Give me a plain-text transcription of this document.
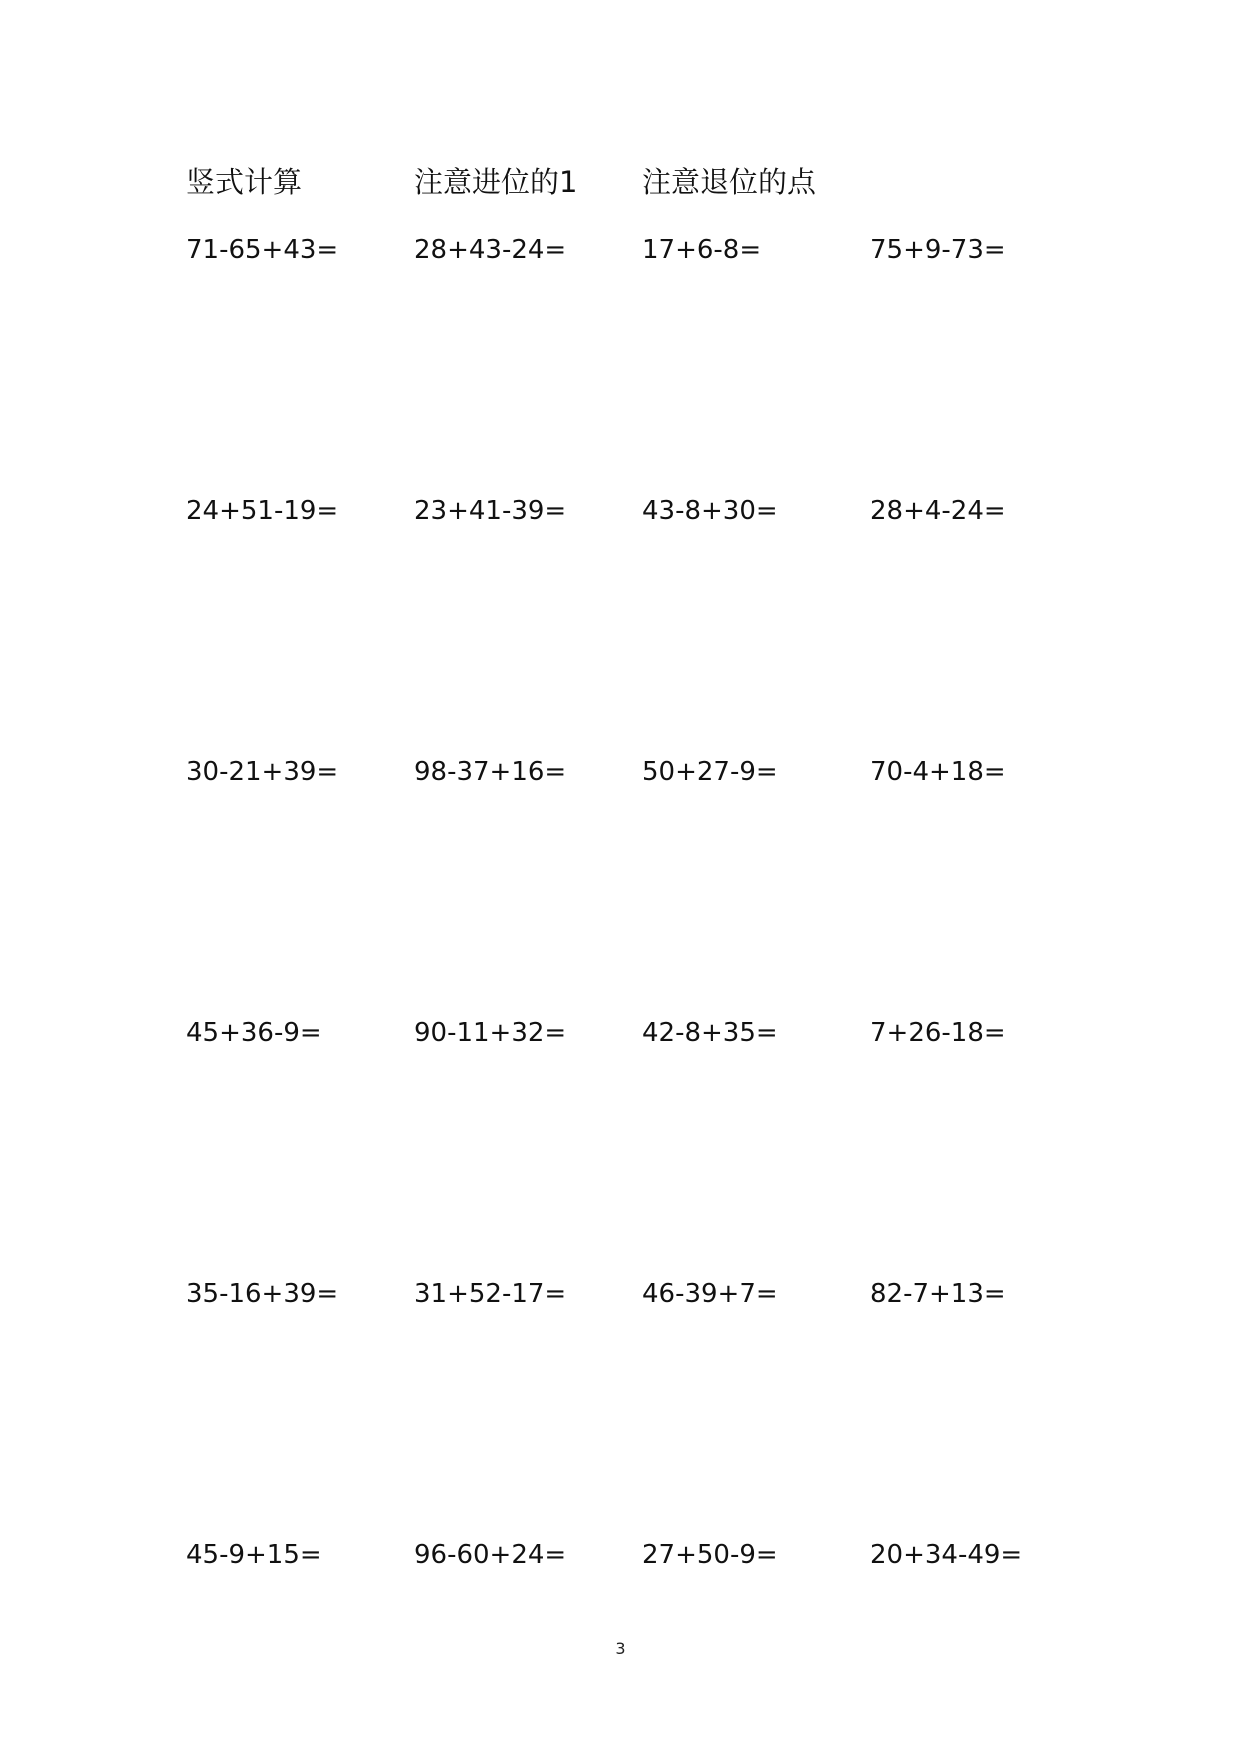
竖式计算	注意进位的1 注意退位的点
71-65+43=	28+43-24=	17+6-8=	75+9-73=
24+51-19=	23+41-39=	43-8+30=	28+4-24=
30-21+39=	98-37+16=	50+27-9=	70-4+18=
45+36-9=	90-11+32=	42-8+35=	7+26-18=
35-16+39=	31+52-17=	46-39+7=	82-7+13=
45-9+15=	96-60+24=	27+50-9=	20+34-49=
3
